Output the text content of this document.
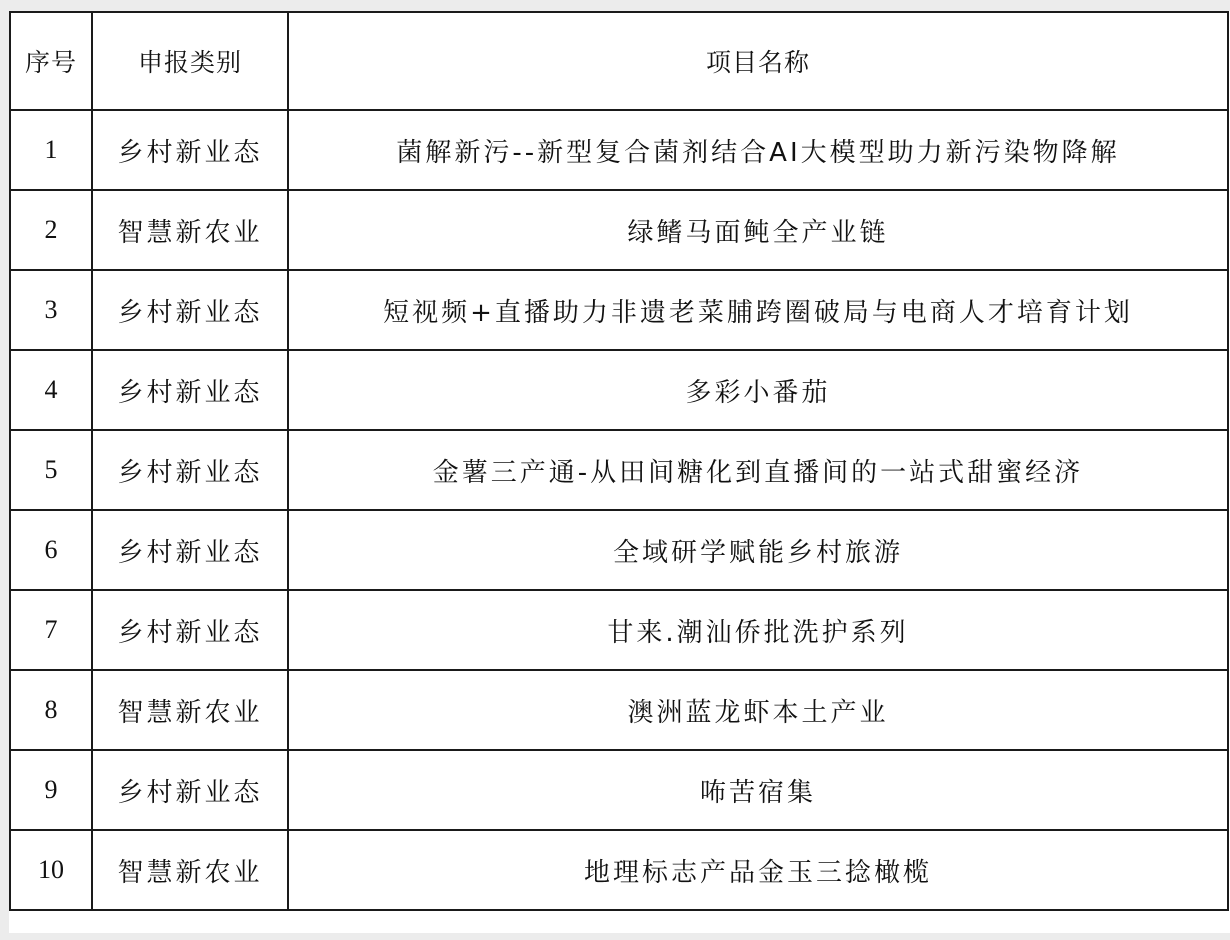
序号	申报类别	项目名称
1	乡村新业态	菌解新污--新型复合菌剂结合AI大模型助力新污染物降解
2	智慧新农业	绿鳍马面鲀全产业链
3	乡村新业态	短视频+直播助力非遗老菜脯跨圈破局与电商人才培育计划
4	乡村新业态	多彩小番茄
5	乡村新业态	金薯三产通-从田间糖化到直播间的一站式甜蜜经济
6	乡村新业态	全域研学赋能乡村旅游
7	乡村新业态	甘来.潮汕侨批洗护系列
8	智慧新农业	澳洲蓝龙虾本土产业
9	乡村新业态	咘苦宿集
10	智慧新农业	地理标志产品金玉三捻橄榄
